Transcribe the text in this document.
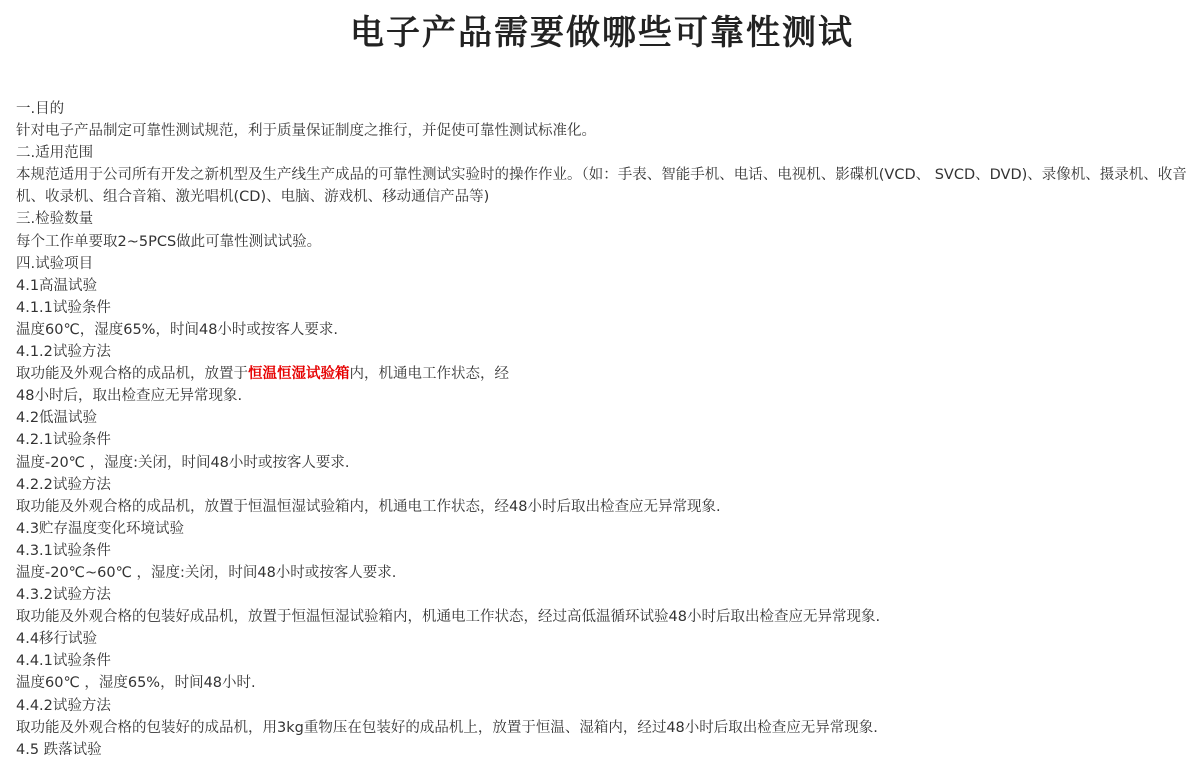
电子产品需要做哪些可靠性测试
一.目的
针对电子产品制定可靠性测试规范，利于质量保证制度之推行，并促使可靠性测试标准化。
二.适用范围
本规范适用于公司所有开发之新机型及生产线生产成品的可靠性测试实验时的操作作业。（如：手表、智能手机、电话、电视机、影碟机(VCD、 SVCD、DVD)、录像机、摄录机、收音机、收录机、组合音箱、激光唱机(CD)、电脑、游戏机、移动通信产品等)
三.检验数量
每个工作单要取2~5PCS做此可靠性测试试验。
四.试验项目
4.1高温试验
4.1.1试验条件
温度60℃，湿度65%，时间48小时或按客人要求.
4.1.2试验方法
取功能及外观合格的成品机，放置于恒温恒湿试验箱内，机通电工作状态，经
48小时后，取出检查应无异常现象.
4.2低温试验
4.2.1试验条件
温度-20℃ ，湿度:关闭，时间48小时或按客人要求.
4.2.2试验方法
取功能及外观合格的成品机，放置于恒温恒湿试验箱内，机通电工作状态，经48小时后取出检查应无异常现象.
4.3贮存温度变化环境试验
4.3.1试验条件
温度-20℃~60℃ ，湿度:关闭，时间48小时或按客人要求.
4.3.2试验方法
取功能及外观合格的包装好成品机，放置于恒温恒湿试验箱内，机通电工作状态，经过高低温循环试验48小时后取出检查应无异常现象.
4.4移行试验
4.4.1试验条件
温度60℃ ，湿度65%，时间48小时.
4.4.2试验方法
取功能及外观合格的包装好的成品机，用3kg重物压在包装好的成品机上，放置于恒温、湿箱内，经过48小时后取出检查应无异常现象.
4.5 跌落试验
